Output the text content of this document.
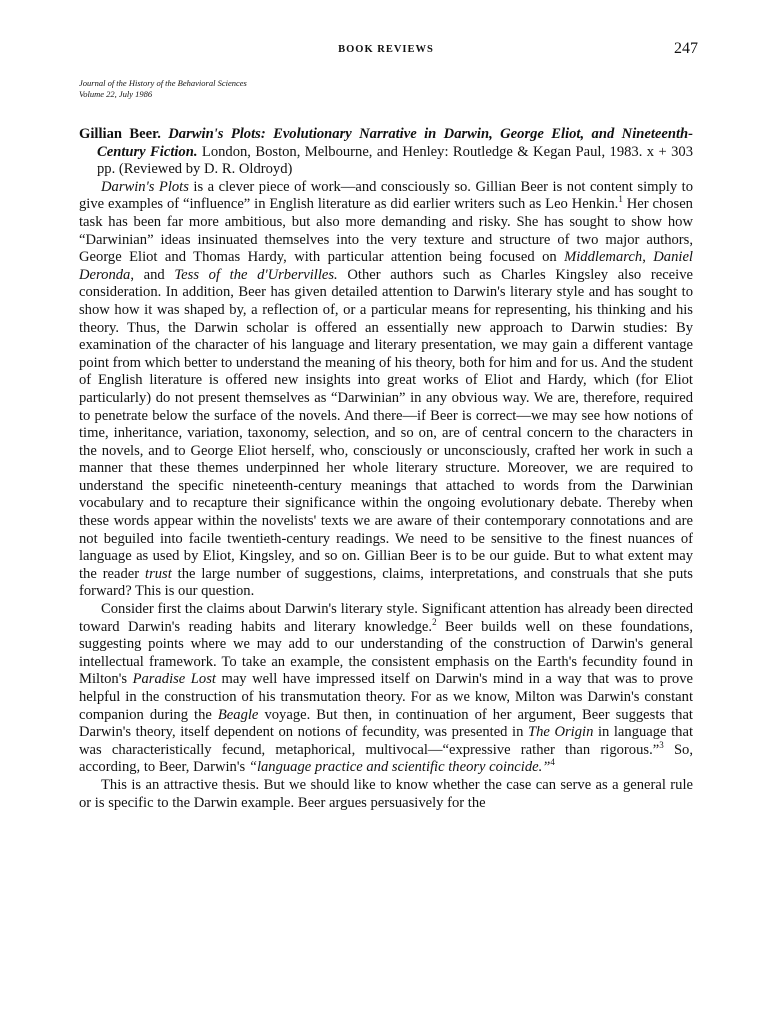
BOOK REVIEWS	247
Journal of the History of the Behavioral Sciences
Volume 22, July 1986
Gillian Beer. Darwin's Plots: Evolutionary Narrative in Darwin, George Eliot, and Nineteenth-Century Fiction. London, Boston, Melbourne, and Henley: Routledge & Kegan Paul, 1983. x + 303 pp. (Reviewed by D. R. Oldroyd)

Darwin's Plots is a clever piece of work—and consciously so. Gillian Beer is not content simply to give examples of “influence” in English literature as did earlier writers such as Leo Henkin.$^1$ Her chosen task has been far more ambitious, but also more demanding and risky. She has sought to show how “Darwinian” ideas insinuated themselves into the very texture and structure of two major authors, George Eliot and Thomas Hardy, with particular attention being focused on Middlemarch, Daniel Deronda, and Tess of the d'Urbervilles. Other authors such as Charles Kingsley also receive consideration. In addition, Beer has given detailed attention to Darwin's literary style and has sought to show how it was shaped by, a reflection of, or a particular means for representing, his thinking and his theory. Thus, the Darwin scholar is offered an essentially new approach to Darwin studies: By examination of the character of his language and literary presentation, we may gain a different vantage point from which better to understand the meaning of his theory, both for him and for us. And the student of English literature is offered new insights into great works of Eliot and Hardy, which (for Eliot particularly) do not present themselves as “Darwinian” in any obvious way. We are, therefore, required to penetrate below the surface of the novels. And there—if Beer is correct—we may see how notions of time, inheritance, variation, taxonomy, selection, and so on, are of central concern to the characters in the novels, and to George Eliot herself, who, consciously or unconsciously, crafted her work in such a manner that these themes underpinned her whole literary structure. Moreover, we are required to understand the specific nineteenth-century meanings that attached to words from the Darwinian vocabulary and to recapture their significance within the ongoing evolutionary debate. Thereby when these words appear within the novelists' texts we are aware of their contemporary connotations and are not beguiled into facile twentieth-century readings. We need to be sensitive to the finest nuances of language as used by Eliot, Kingsley, and so on. Gillian Beer is to be our guide. But to what extent may the reader trust the large number of suggestions, claims, interpretations, and construals that she puts forward? This is our question.

Consider first the claims about Darwin's literary style. Significant attention has already been directed toward Darwin's reading habits and literary knowledge.$^2$ Beer builds well on these foundations, suggesting points where we may add to our understanding of the construction of Darwin's general intellectual framework. To take an example, the consistent emphasis on the Earth's fecundity found in Milton's Paradise Lost may well have impressed itself on Darwin's mind in a way that was to prove helpful in the construction of his transmutation theory. For as we know, Milton was Darwin's constant companion during the Beagle voyage. But then, in continuation of her argument, Beer suggests that Darwin's theory, itself dependent on notions of fecundity, was presented in The Origin in language that was characteristically fecund, metaphorical, multivocal—“expressive rather than rigorous.”$^3$ So, according, to Beer, Darwin's “language practice and scientific theory coincide.”$^4$

This is an attractive thesis. But we should like to know whether the case can serve as a general rule or is specific to the Darwin example. Beer argues persuasively for the
